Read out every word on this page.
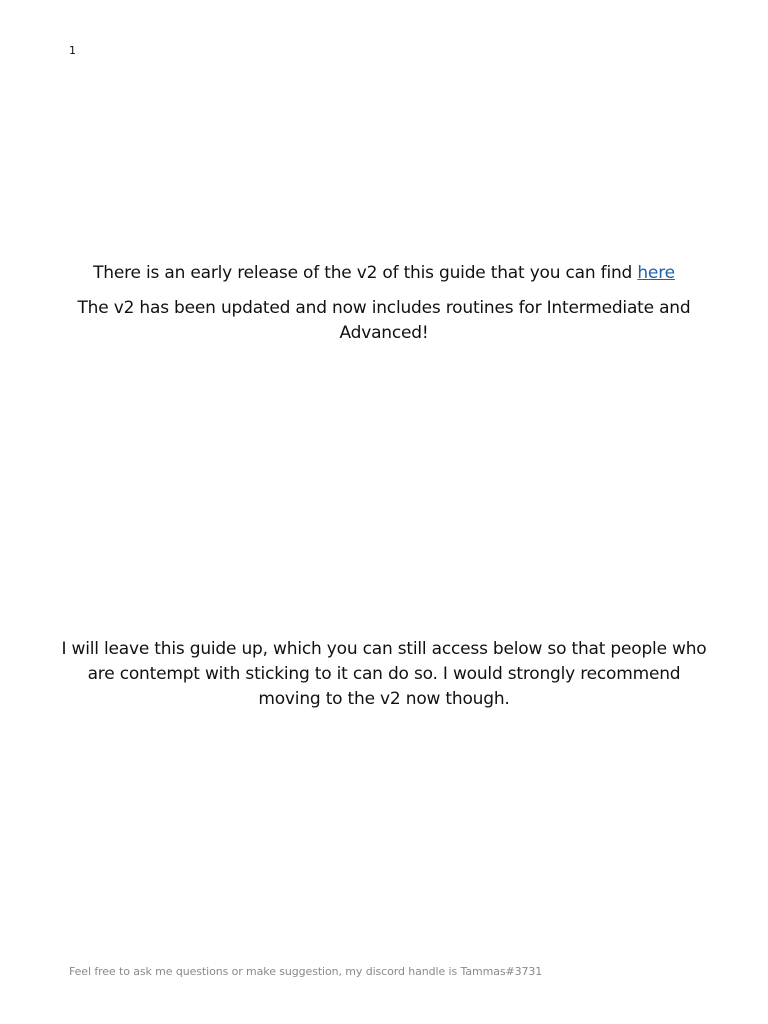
1

There is an early release of the v2 of this guide that you can find here

The v2 has been updated and now includes routines for Intermediate and Advanced!

I will leave this guide up, which you can still access below so that people who are contempt with sticking to it can do so. I would strongly recommend moving to the v2 now though.

Feel free to ask me questions or make suggestion, my discord handle is Tammas#3731
